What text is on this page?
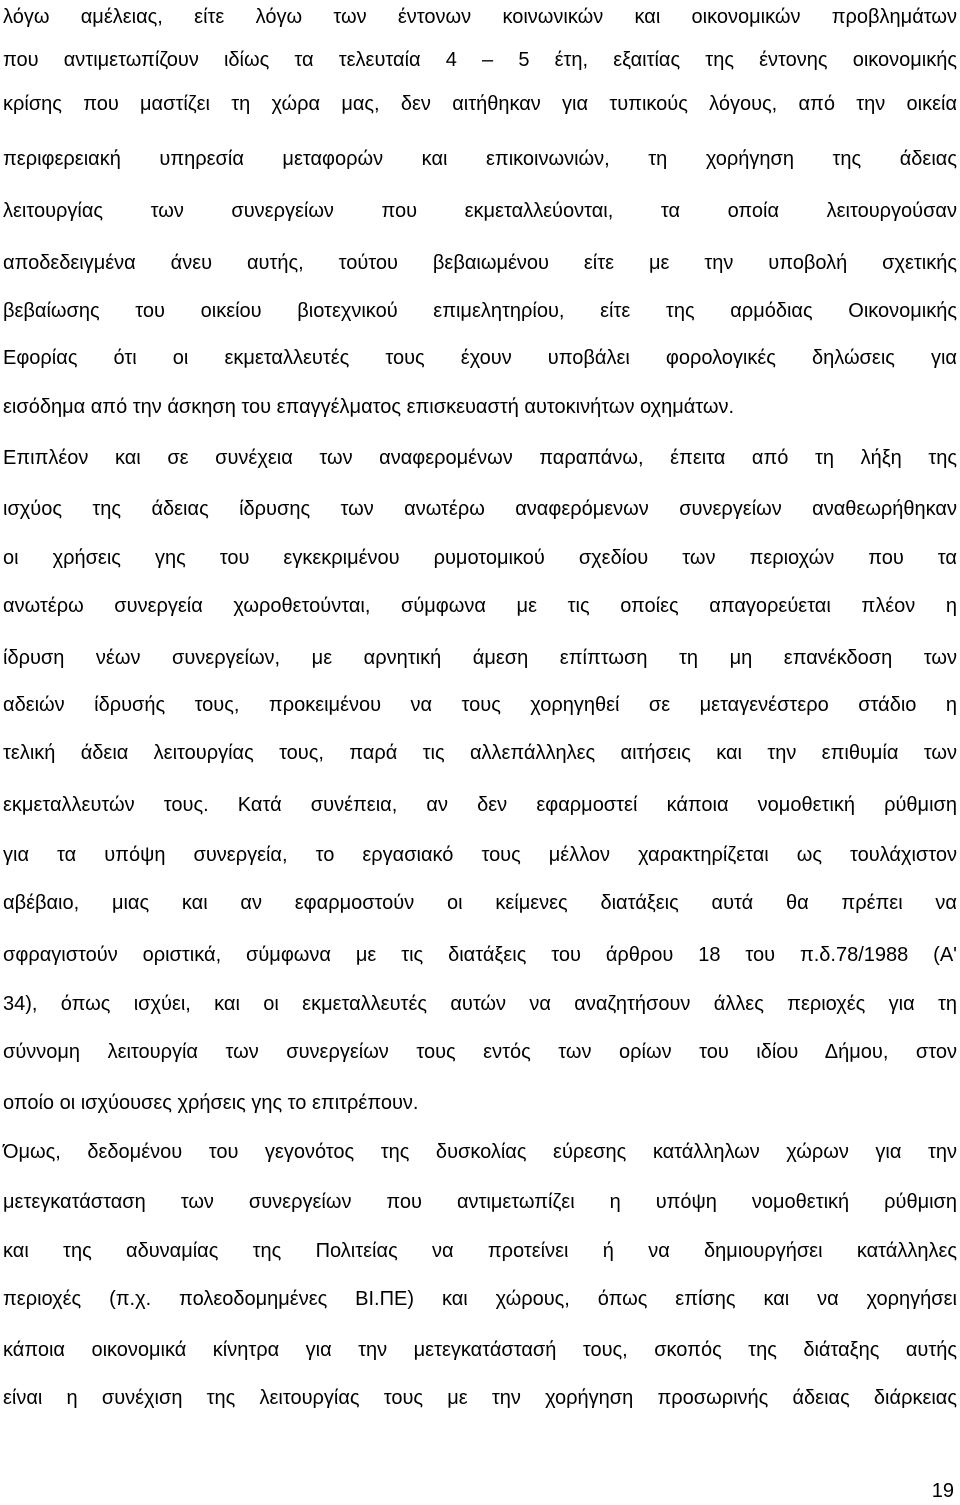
λόγω αμέλειας, είτε λόγω των έντονων κοινωνικών και οικονομικών προβλημάτων
που αντιμετωπίζουν ιδίως τα τελευταία 4 – 5 έτη, εξαιτίας της έντονης οικονομικής
κρίσης που μαστίζει τη χώρα μας, δεν αιτήθηκαν για τυπικούς λόγους, από την οικεία
περιφερειακή υπηρεσία μεταφορών και επικοινωνιών, τη χορήγηση της άδειας
λειτουργίας των συνεργείων που εκμεταλλεύονται, τα οποία λειτουργούσαν
αποδεδειγμένα άνευ αυτής, τούτου βεβαιωμένου είτε με την υποβολή σχετικής
βεβαίωσης του οικείου βιοτεχνικού επιμελητηρίου, είτε της αρμόδιας Οικονομικής
Εφορίας ότι οι εκμεταλλευτές τους έχουν υποβάλει φορολογικές δηλώσεις για
εισόδημα από την άσκηση του επαγγέλματος επισκευαστή αυτοκινήτων οχημάτων.
Επιπλέον και σε συνέχεια των αναφερομένων παραπάνω, έπειτα από τη λήξη της
ισχύος της άδειας ίδρυσης των ανωτέρω αναφερόμενων συνεργείων αναθεωρήθηκαν
οι χρήσεις γης του εγκεκριμένου ρυμοτομικού σχεδίου των περιοχών που τα
ανωτέρω συνεργεία χωροθετούνται, σύμφωνα με τις οποίες απαγορεύεται πλέον η
ίδρυση νέων συνεργείων, με αρνητική άμεση επίπτωση τη μη επανέκδοση των
αδειών ίδρυσής τους, προκειμένου να τους χορηγηθεί σε μεταγενέστερο στάδιο η
τελική άδεια λειτουργίας τους, παρά τις αλλεπάλληλες αιτήσεις και την επιθυμία των
εκμεταλλευτών τους. Κατά συνέπεια, αν δεν εφαρμοστεί κάποια νομοθετική ρύθμιση
για τα υπόψη συνεργεία, το εργασιακό τους μέλλον χαρακτηρίζεται ως τουλάχιστον
αβέβαιο, μιας και αν εφαρμοστούν οι κείμενες διατάξεις αυτά θα πρέπει να
σφραγιστούν οριστικά, σύμφωνα με τις διατάξεις του άρθρου 18 του π.δ.78/1988 (Α'
34), όπως ισχύει, και οι εκμεταλλευτές αυτών να αναζητήσουν άλλες περιοχές για τη
σύννομη λειτουργία των συνεργείων τους εντός των ορίων του ιδίου Δήμου, στον
οποίο οι ισχύουσες χρήσεις γης το επιτρέπουν.
Όμως, δεδομένου του γεγονότος της δυσκολίας εύρεσης κατάλληλων χώρων για την
μετεγκατάσταση των συνεργείων που αντιμετωπίζει η υπόψη νομοθετική ρύθμιση
και της αδυναμίας της Πολιτείας να προτείνει ή να δημιουργήσει κατάλληλες
περιοχές (π.χ. πολεοδομημένες ΒΙ.ΠΕ) και χώρους, όπως επίσης και να χορηγήσει
κάποια οικονομικά κίνητρα για την μετεγκατάστασή τους, σκοπός της διάταξης αυτής
είναι η συνέχιση της λειτουργίας τους με την χορήγηση προσωρινής άδειας διάρκειας
19
